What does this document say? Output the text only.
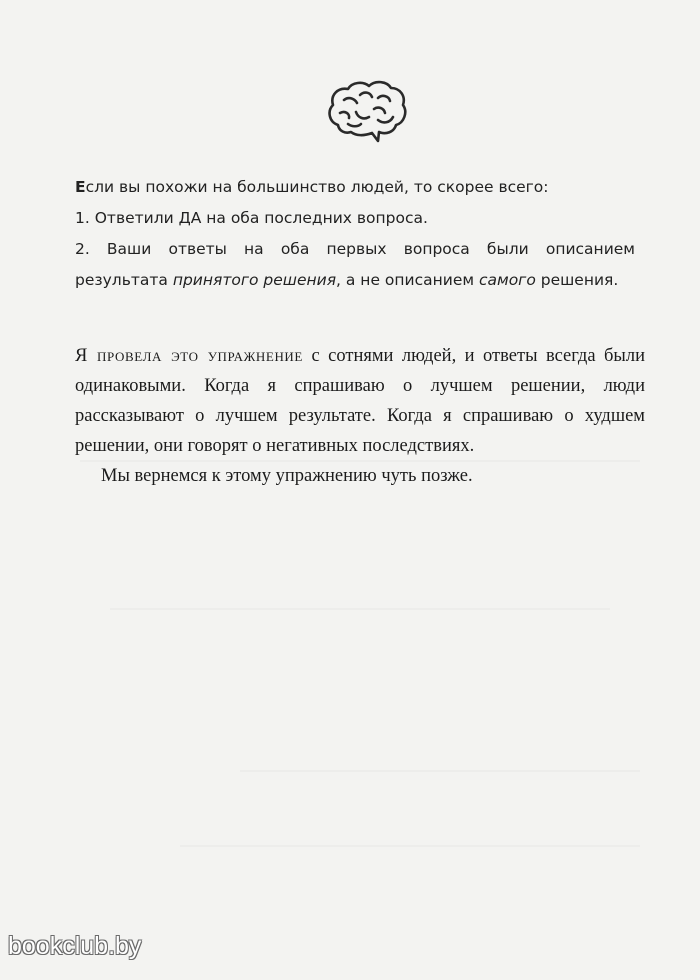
Если вы похожи на большинство людей, то скорее всего:

1. Ответили ДА на оба последних вопроса.

2. Ваши ответы на оба первых вопроса были описанием результата принятого решения, а не описанием самого решения.

Я провела это упражнение с сотнями людей, и ответы всегда были одинаковыми. Когда я спрашиваю о лучшем решении, люди рассказывают о лучшем результате. Когда я спрашиваю о худшем решении, они говорят о негативных последствиях.

Мы вернемся к этому упражнению чуть позже.

bookclub.by
